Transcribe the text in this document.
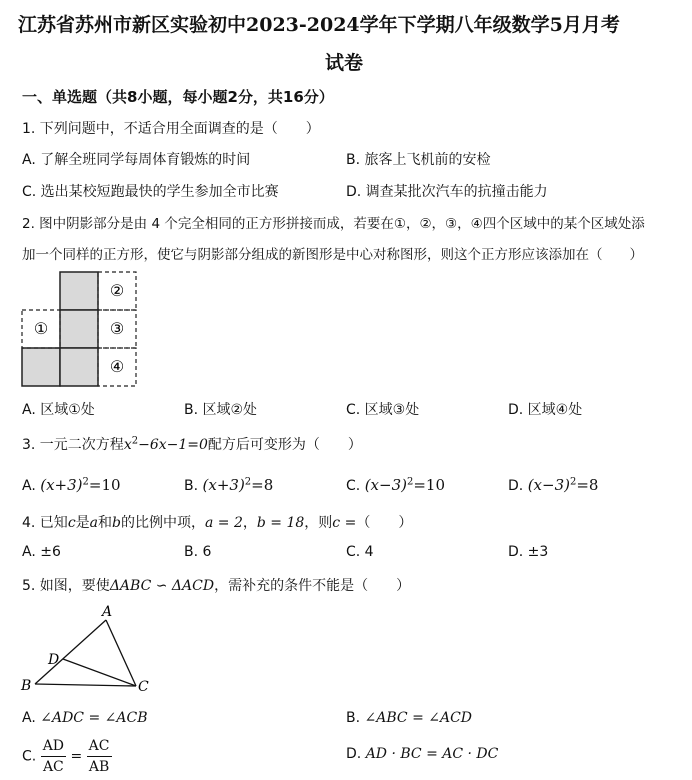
江苏省苏州市新区实验初中2023-2024学年下学期八年级数学5月月考
试卷
一、单选题（共8小题，每小题2分，共16分）
1. 下列问题中，不适合用全面调查的是（　　）
A. 了解全班同学每周体育锻炼的时间	B. 旅客上飞机前的安检
C. 选出某校短跑最快的学生参加全市比赛	D. 调查某批次汽车的抗撞击能力
2. 图中阴影部分是由 4 个完全相同的正方形拼接而成，若要在①，②，③，④四个区域中的某个区域处添
加一个同样的正方形，使它与阴影部分组成的新图形是中心对称图形，则这个正方形应该添加在（　　）
①
②
③
④
A. 区域①处	B. 区域②处	C. 区域③处	D. 区域④处
3. 一元二次方程$x^2-6x-1=0$配方后可变形为（　　）
A. $(x+3)^2=10$	B. $(x+3)^2=8$	C. $(x-3)^2=10$	D. $(x-3)^2=8$
4. 已知c是a和b的比例中项，a = 2，b = 18，则c =（　　）
A. ±6	B. 6	C. 4	D. ±3
5. 如图，要使ΔABC ∽ ΔACD，需补充的条件不能是（　　）
A
B	C
D
A. ∠ADC = ∠ACB	B. ∠ABC = ∠ACD
C. $\frac{AD}{AC} = \frac{AC}{AB}$	D. AD · BC = AC · DC
